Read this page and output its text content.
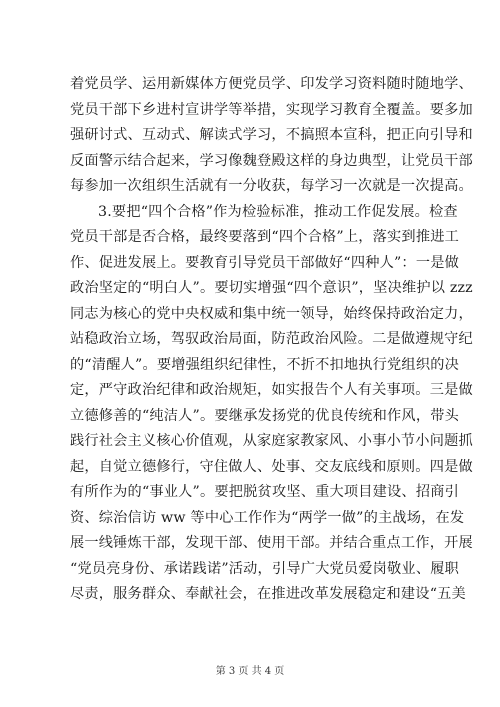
着党员学、运用新媒体方便党员学、印发学习资料随时随地学、
党员干部下乡进村宣讲学等举措，实现学习教育全覆盖。要多加
强研讨式、互动式、解读式学习，不搞照本宣科，把正向引导和
反面警示结合起来，学习像魏登殿这样的身边典型，让党员干部
每参加一次组织生活就有一分收获，每学习一次就是一次提高。
3.要把“四个合格”作为检验标准，推动工作促发展。检查
党员干部是否合格，最终要落到“四个合格”上，落实到推进工
作、促进发展上。要教育引导党员干部做好“四种人”：一是做
政治坚定的“明白人”。要切实增强“四个意识”，坚决维护以 zzz
同志为核心的党中央权威和集中统一领导，始终保持政治定力，
站稳政治立场，驾驭政治局面，防范政治风险。二是做遵规守纪
的“清醒人”。要增强组织纪律性，不折不扣地执行党组织的决
定，严守政治纪律和政治规矩，如实报告个人有关事项。三是做
立德修善的“纯洁人”。要继承发扬党的优良传统和作风，带头
践行社会主义核心价值观，从家庭家教家风、小事小节小问题抓
起，自觉立德修行，守住做人、处事、交友底线和原则。四是做
有所作为的“事业人”。要把脱贫攻坚、重大项目建设、招商引
资、综治信访 ww 等中心工作作为“两学一做”的主战场，在发
展一线锤炼干部，发现干部、使用干部。并结合重点工作，开展
“党员亮身份、承诺践诺”活动，引导广大党员爱岗敬业、履职
尽责，服务群众、奉献社会，在推进改革发展稳定和建设“五美
第 3 页 共 4 页
